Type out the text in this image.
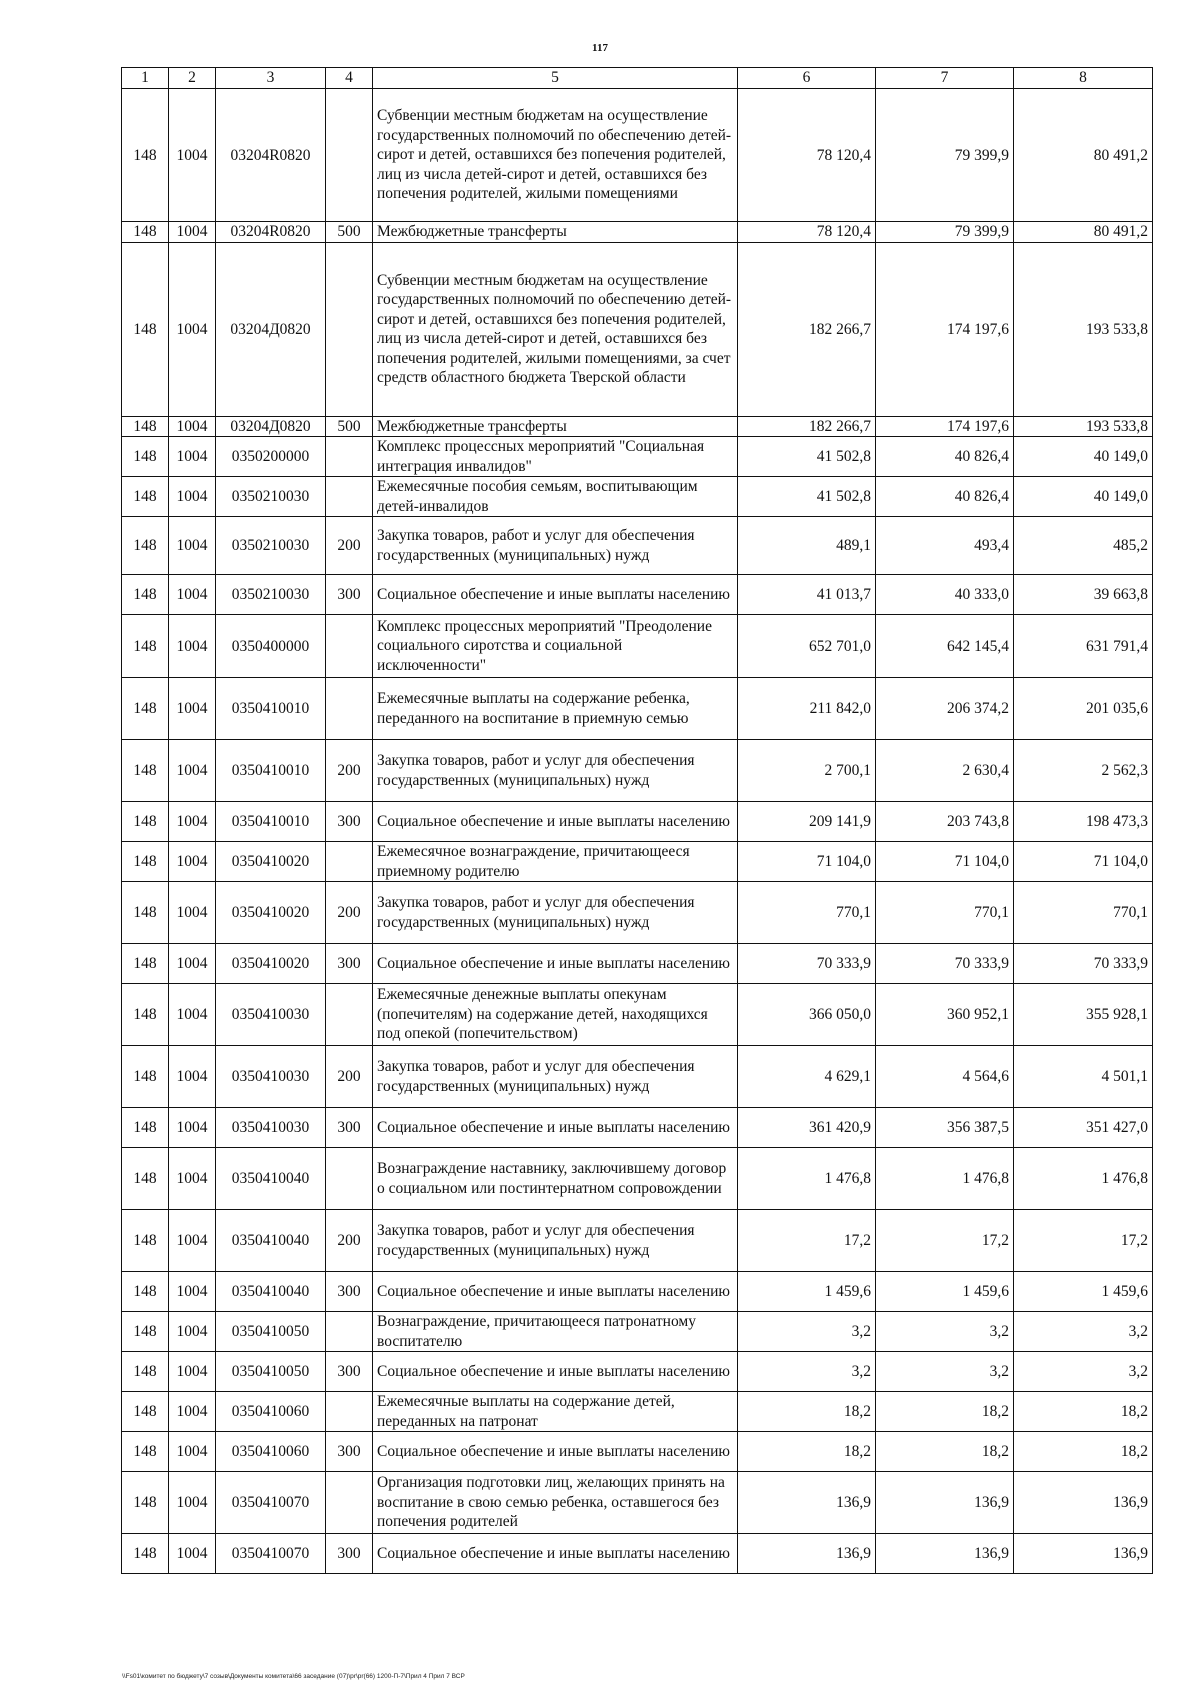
117
1	2	3	4	5	6	7	8
148	1004	03204R0820		Субвенции местным бюджетам на осуществление государственных полномочий по обеспечению детей-сирот и детей, оставшихся без попечения родителей, лиц из числа детей-сирот и детей, оставшихся без попечения родителей, жилыми помещениями	78 120,4	79 399,9	80 491,2
148	1004	03204R0820	500	Межбюджетные трансферты	78 120,4	79 399,9	80 491,2
148	1004	03204Д0820		Субвенции местным бюджетам на осуществление государственных полномочий по обеспечению детей-сирот и детей, оставшихся без попечения родителей, лиц из числа детей-сирот и детей, оставшихся без попечения родителей, жилыми помещениями, за счет средств областного бюджета Тверской области	182 266,7	174 197,6	193 533,8
148	1004	03204Д0820	500	Межбюджетные трансферты	182 266,7	174 197,6	193 533,8
148	1004	0350200000		Комплекс процессных мероприятий "Социальная интеграция инвалидов"	41 502,8	40 826,4	40 149,0
148	1004	0350210030		Ежемесячные пособия семьям, воспитывающим детей-инвалидов	41 502,8	40 826,4	40 149,0
148	1004	0350210030	200	Закупка товаров, работ и услуг для обеспечения государственных (муниципальных) нужд	489,1	493,4	485,2
148	1004	0350210030	300	Социальное обеспечение и иные выплаты населению	41 013,7	40 333,0	39 663,8
148	1004	0350400000		Комплекс процессных мероприятий "Преодоление социального сиротства и социальной исключенности"	652 701,0	642 145,4	631 791,4
148	1004	0350410010		Ежемесячные выплаты на содержание ребенка, переданного на воспитание в приемную семью	211 842,0	206 374,2	201 035,6
148	1004	0350410010	200	Закупка товаров, работ и услуг для обеспечения государственных (муниципальных) нужд	2 700,1	2 630,4	2 562,3
148	1004	0350410010	300	Социальное обеспечение и иные выплаты населению	209 141,9	203 743,8	198 473,3
148	1004	0350410020		Ежемесячное вознаграждение, причитающееся приемному родителю	71 104,0	71 104,0	71 104,0
148	1004	0350410020	200	Закупка товаров, работ и услуг для обеспечения государственных (муниципальных) нужд	770,1	770,1	770,1
148	1004	0350410020	300	Социальное обеспечение и иные выплаты населению	70 333,9	70 333,9	70 333,9
148	1004	0350410030		Ежемесячные денежные выплаты опекунам (попечителям) на содержание детей, находящихся под опекой (попечительством)	366 050,0	360 952,1	355 928,1
148	1004	0350410030	200	Закупка товаров, работ и услуг для обеспечения государственных (муниципальных) нужд	4 629,1	4 564,6	4 501,1
148	1004	0350410030	300	Социальное обеспечение и иные выплаты населению	361 420,9	356 387,5	351 427,0
148	1004	0350410040		Вознаграждение наставнику, заключившему договор о социальном или постинтернатном сопровождении	1 476,8	1 476,8	1 476,8
148	1004	0350410040	200	Закупка товаров, работ и услуг для обеспечения государственных (муниципальных) нужд	17,2	17,2	17,2
148	1004	0350410040	300	Социальное обеспечение и иные выплаты населению	1 459,6	1 459,6	1 459,6
148	1004	0350410050		Вознаграждение, причитающееся патронатному воспитателю	3,2	3,2	3,2
148	1004	0350410050	300	Социальное обеспечение и иные выплаты населению	3,2	3,2	3,2
148	1004	0350410060		Ежемесячные выплаты на содержание детей, переданных на патронат	18,2	18,2	18,2
148	1004	0350410060	300	Социальное обеспечение и иные выплаты населению	18,2	18,2	18,2
148	1004	0350410070		Организация подготовки лиц, желающих принять на воспитание в свою семью ребенка, оставшегося без попечения родителей	136,9	136,9	136,9
148	1004	0350410070	300	Социальное обеспечение и иные выплаты населению	136,9	136,9	136,9
\\Fs01\комитет по бюджету\7 созыв\Документы комитета\66 заседание (07)\pr\pr(66) 1200-П-7\Прил 4 Прил 7 ВСР
